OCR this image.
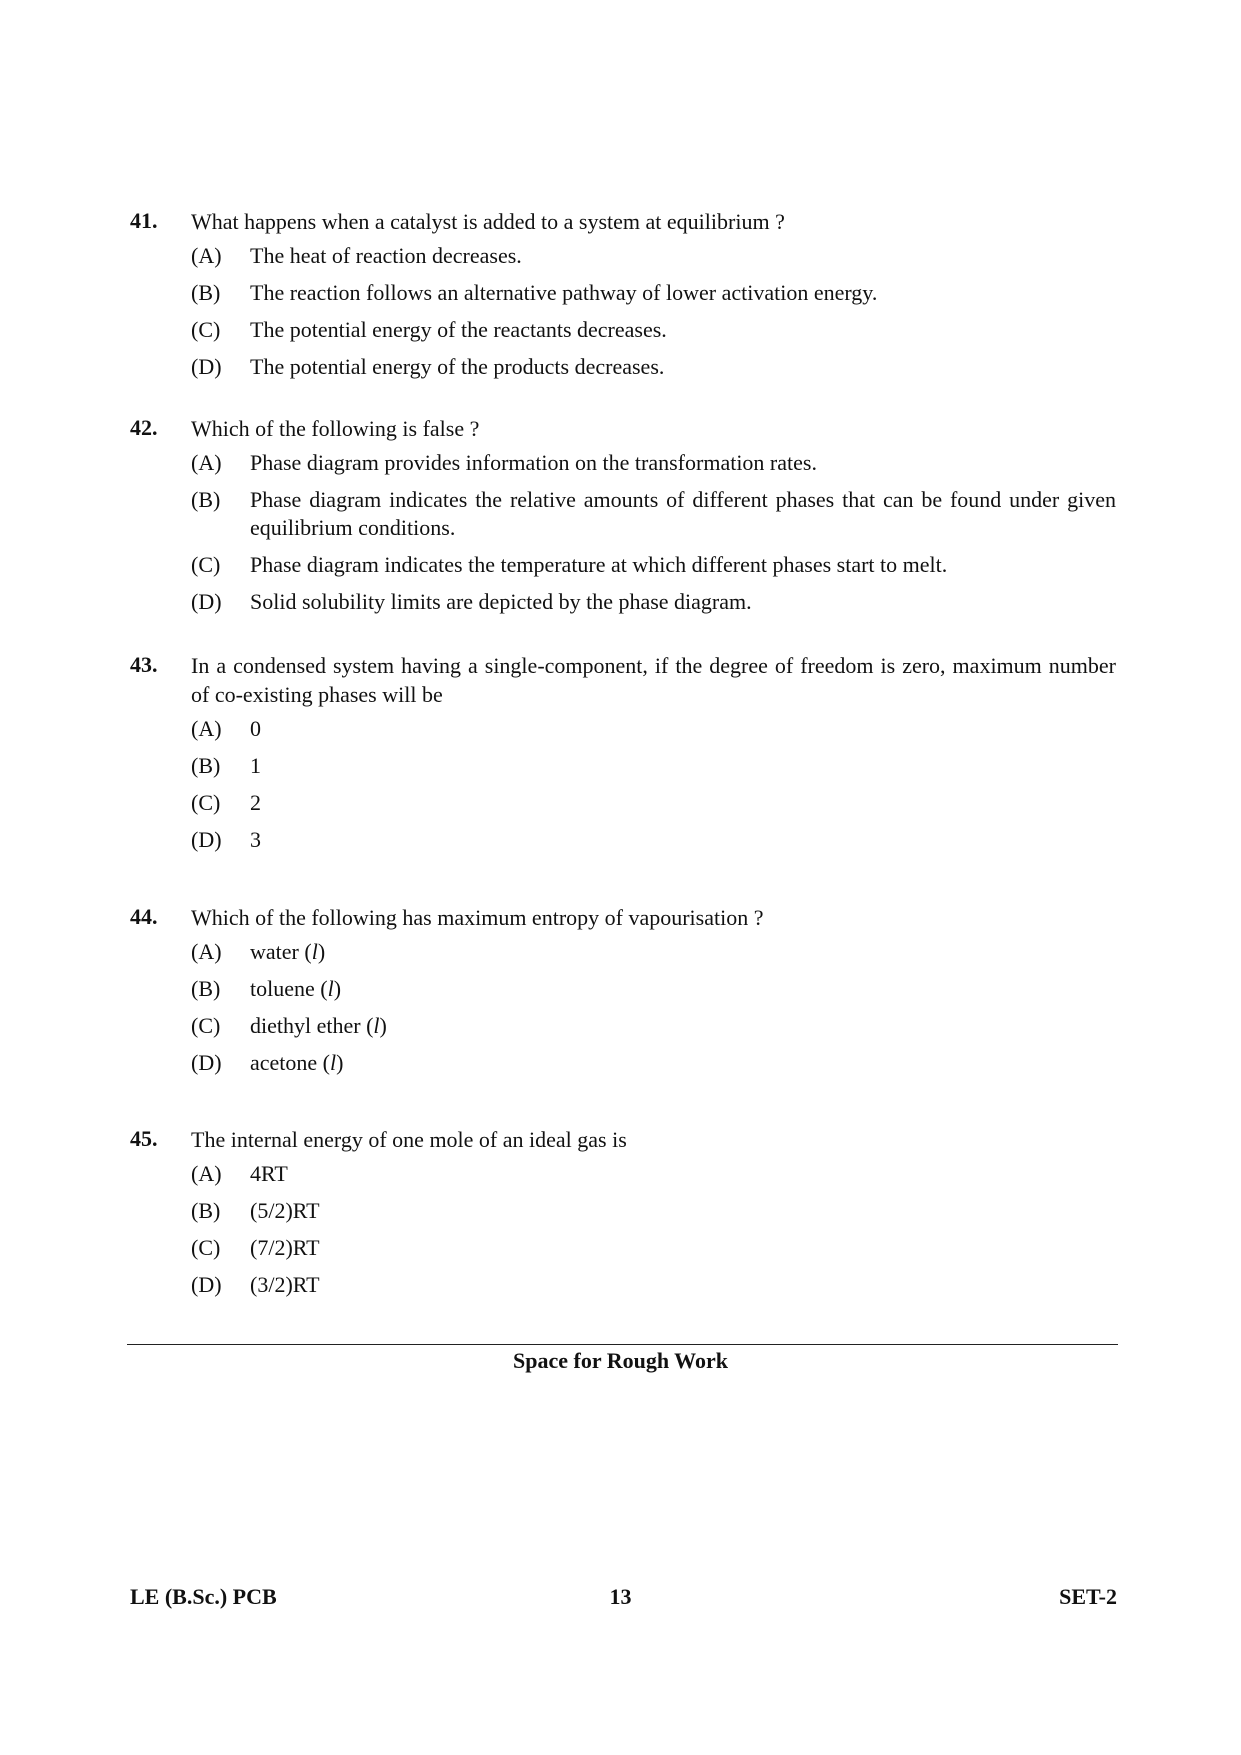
41. What happens when a catalyst is added to a system at equilibrium ?
(A) The heat of reaction decreases.
(B) The reaction follows an alternative pathway of lower activation energy.
(C) The potential energy of the reactants decreases.
(D) The potential energy of the products decreases.
42. Which of the following is false ?
(A) Phase diagram provides information on the transformation rates.
(B) Phase diagram indicates the relative amounts of different phases that can be found under given equilibrium conditions.
(C) Phase diagram indicates the temperature at which different phases start to melt.
(D) Solid solubility limits are depicted by the phase diagram.
43. In a condensed system having a single-component, if the degree of freedom is zero, maximum number of co-existing phases will be
(A) 0
(B) 1
(C) 2
(D) 3
44. Which of the following has maximum entropy of vapourisation ?
(A) water (l)
(B) toluene (l)
(C) diethyl ether (l)
(D) acetone (l)
45. The internal energy of one mole of an ideal gas is
(A) 4RT
(B) (5/2)RT
(C) (7/2)RT
(D) (3/2)RT
Space for Rough Work
LE (B.Sc.) PCB	13	SET-2
